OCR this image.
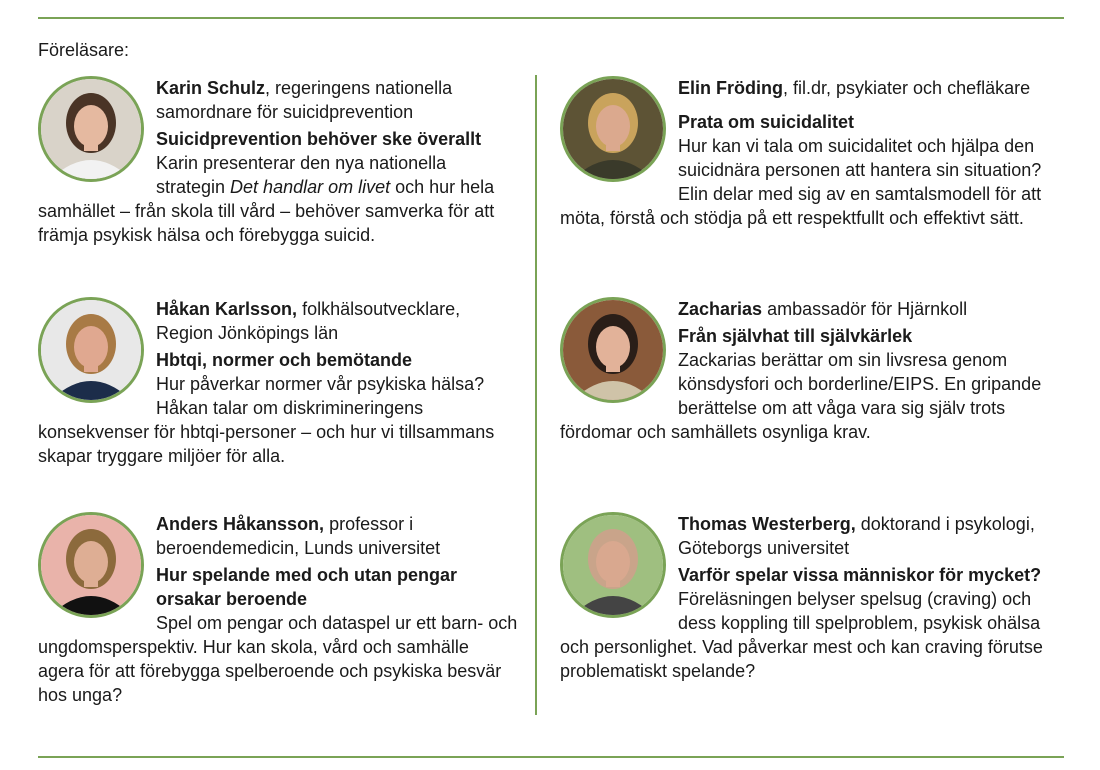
Föreläsare:

Karin Schulz, regeringens nationella samordnare för suicidprevention

Suicidprevention behöver ske överallt

Karin presenterar den nya nationella strategin Det handlar om livet och hur hela samhället – från skola till vård – behöver samverka för att främja psykisk hälsa och förebygga suicid.

Elin Fröding, fil.dr, psykiater och chefläkare

Prata om suicidalitet

Hur kan vi tala om suicidalitet och hjälpa den suicidnära personen att hantera sin situation? Elin delar med sig av en samtalsmodell för att möta, förstå och stödja på ett respektfullt och effektivt sätt.

Håkan Karlsson, folkhälsoutvecklare, Region Jönköpings län

Hbtqi, normer och bemötande

Hur påverkar normer vår psykiska hälsa? Håkan talar om diskrimineringens konsekvenser för hbtqi-personer – och hur vi tillsammans skapar tryggare miljöer för alla.

Zacharias ambassadör för Hjärnkoll

Från självhat till självkärlek

Zackarias berättar om sin livsresa genom könsdysfori och borderline/EIPS. En gripande berättelse om att våga vara sig själv trots fördomar och samhällets osynliga krav.

Anders Håkansson, professor i beroendemedicin, Lunds universitet

Hur spelande med och utan pengar orsakar beroende

Spel om pengar och dataspel ur ett barn- och ungdomsperspektiv. Hur kan skola, vård och samhälle agera för att förebygga spelberoende och psykiska besvär hos unga?

Thomas Westerberg, doktorand i psykologi, Göteborgs universitet

Varför spelar vissa människor för mycket?

Föreläsningen belyser spelsug (craving) och dess koppling till spelproblem, psykisk ohälsa och personlighet. Vad påverkar mest och kan craving förutse problematiskt spelande?
